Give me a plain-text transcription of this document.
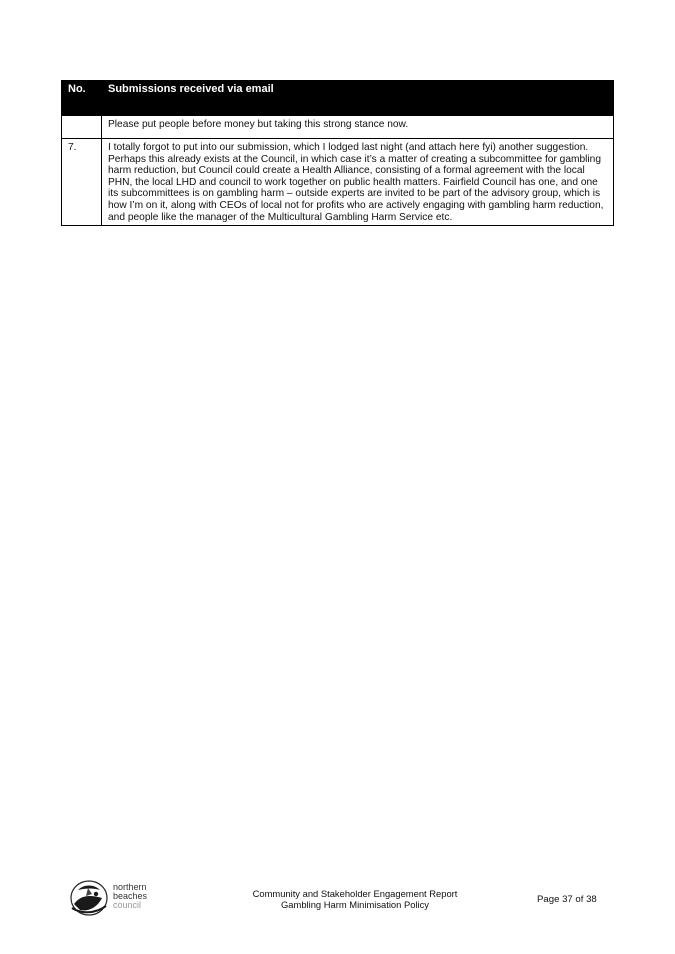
No.	Submissions received via email
	Please put people before money but taking this strong stance now.
7.	I totally forgot to put into our submission, which I lodged last night (and attach here fyi) another suggestion. Perhaps this already exists at the Council, in which case it’s a matter of creating a subcommittee for gambling harm reduction, but Council could create a Health Alliance, consisting of a formal agreement with the local PHN, the local LHD and council to work together on public health matters. Fairfield Council has one, and one its subcommittees is on gambling harm – outside experts are invited to be part of the advisory group, which is how I’m on it, along with CEOs of local not for profits who are actively engaging with gambling harm reduction, and people like the manager of the Multicultural Gambling Harm Service etc.
northern
beaches
council
Community and Stakeholder Engagement Report
Gambling Harm Minimisation Policy	Page 37 of 38
